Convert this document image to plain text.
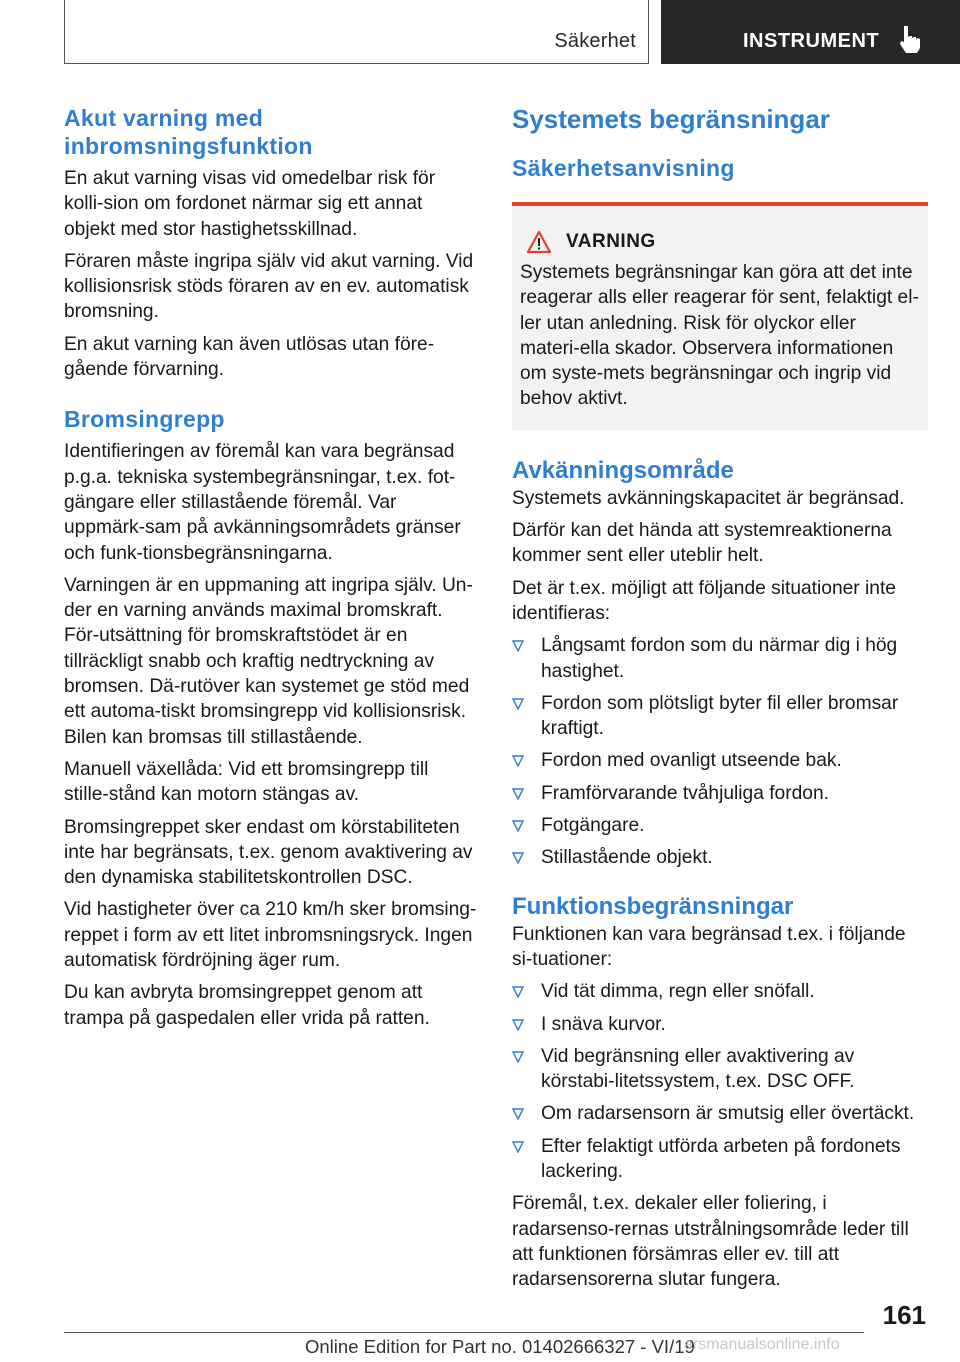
Säkerhet	INSTRUMENT
Akut varning med inbromsningsfunktion

En akut varning visas vid omedelbar risk för kolli-sion om fordonet närmar sig ett annat objekt med stor hastighetsskillnad.

Föraren måste ingripa själv vid akut varning. Vid kollisionsrisk stöds föraren av en ev. automatisk bromsning.

En akut varning kan även utlösas utan före-gående förvarning.

Bromsingrepp

Identifieringen av föremål kan vara begränsad p.g.a. tekniska systembegränsningar, t.ex. fot-gängare eller stillastående föremål. Var uppmärk-sam på avkänningsområdets gränser och funk-tionsbegränsningarna.

Varningen är en uppmaning att ingripa själv. Un-der en varning används maximal bromskraft. För-utsättning för bromskraftstödet är en tillräckligt snabb och kraftig nedtryckning av bromsen. Dä-rutöver kan systemet ge stöd med ett automa-tiskt bromsingrepp vid kollisionsrisk. Bilen kan bromsas till stillastående.

Manuell växellåda: Vid ett bromsingrepp till stille-stånd kan motorn stängas av.

Bromsingreppet sker endast om körstabiliteten inte har begränsats, t.ex. genom avaktivering av den dynamiska stabilitetskontrollen DSC.

Vid hastigheter över ca 210 km/h sker bromsing-reppet i form av ett litet inbromsningsryck. Ingen automatisk fördröjning äger rum.

Du kan avbryta bromsingreppet genom att trampa på gaspedalen eller vrida på ratten.

Systemets begränsningar
Säkerhetsanvisning
VARNING

Systemets begränsningar kan göra att det inte reagerar alls eller reagerar för sent, felaktigt el-ler utan anledning. Risk för olyckor eller materi-ella skador. Observera informationen om syste-mets begränsningar och ingrip vid behov aktivt.

Avkänningsområde

Systemets avkänningskapacitet är begränsad.

Därför kan det hända att systemreaktionerna kommer sent eller uteblir helt.

Det är t.ex. möjligt att följande situationer inte identifieras:

Långsamt fordon som du närmar dig i hög hastighet.
Fordon som plötsligt byter fil eller bromsar kraftigt.
Fordon med ovanligt utseende bak.
Framförvarande tvåhjuliga fordon.
Fotgängare.
Stillastående objekt.
Funktionsbegränsningar

Funktionen kan vara begränsad t.ex. i följande si-tuationer:

Vid tät dimma, regn eller snöfall.
I snäva kurvor.
Vid begränsning eller avaktivering av körstabi-litetssystem, t.ex. DSC OFF.
Om radarsensorn är smutsig eller övertäckt.
Efter felaktigt utförda arbeten på fordonets lackering.

Föremål, t.ex. dekaler eller foliering, i radarsenso-rernas utstrålningsområde leder till att funktionen försämras eller ev. till att radarsensorerna slutar fungera.

161
Online Edition for Part no. 01402666327 - VI/19
arsmanualsonline.info
